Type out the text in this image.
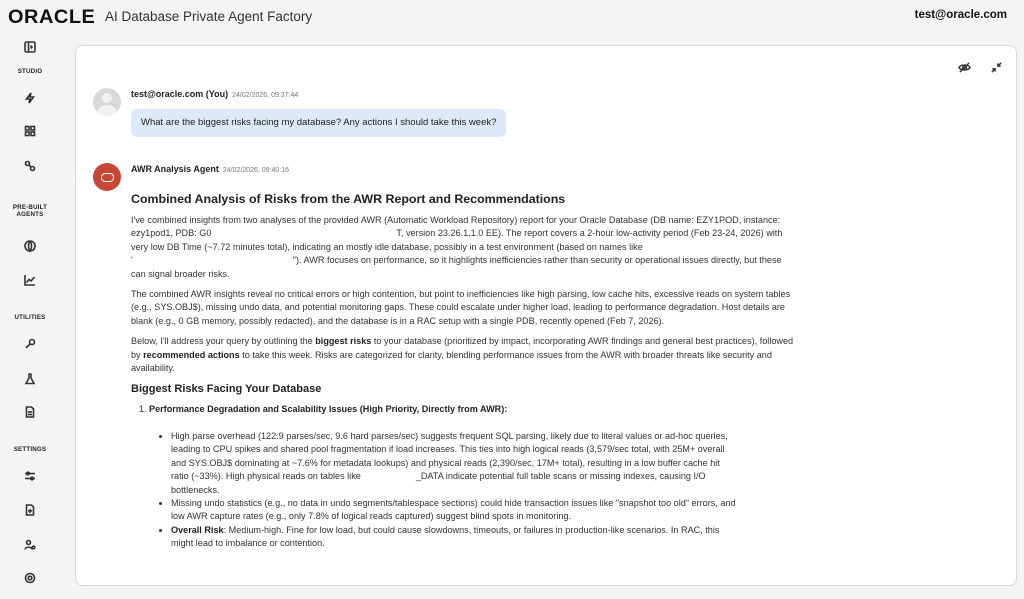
ORACLE AI Database Private Agent Factory	test@oracle.com
STUDIO
PRE-BUILT
AGENTS
UTILITIES
SETTINGS
test@oracle.com (You) 24/02/2026, 09:37:44
What are the biggest risks facing my database? Any actions I should take this week?
AWR Analysis Agent 24/02/2026, 09:40:16
Combined Analysis of Risks from the AWR Report and Recommendations

I've combined insights from two analyses of the provided AWR (Automatic Workload Repository) report for your Oracle Database (DB name: EZY1POD, instance: ezy1pod1, PDB: G0	T, version 23.26.1.1.0 EE). The report covers a 2-hour low-activity period (Feb 23-24, 2026) with very low DB Time (~7.72 minutes total), indicating an mostly idle database, possibly in a test environment (based on names like
'	"). AWR focuses on performance, so it highlights inefficiencies rather than security or operational issues directly, but these can signal broader risks.

The combined AWR insights reveal no critical errors or high contention, but point to inefficiencies like high parsing, low cache hits, excessive reads on system tables (e.g., SYS.OBJ$), missing undo data, and potential monitoring gaps. These could escalate under higher load, leading to performance degradation. Host details are blank (e.g., 0 GB memory, possibly redacted), and the database is in a RAC setup with a single PDB, recently opened (Feb 7, 2026).

Below, I'll address your query by outlining the biggest risks to your database (prioritized by impact, incorporating AWR findings and general best practices), followed by recommended actions to take this week. Risks are categorized for clarity, blending performance issues from the AWR with broader threats like security and availability.

Biggest Risks Facing Your Database
1. Performance Degradation and Scalability Issues (High Priority, Directly from AWR):
• High parse overhead (122.9 parses/sec, 9.6 hard parses/sec) suggests frequent SQL parsing, likely due to literal values or ad-hoc queries, leading to CPU spikes and shared pool fragmentation if load increases. This ties into high logical reads (3,579/sec total, with 25M+ overall and SYS.OBJ$ dominating at ~7.6% for metadata lookups) and physical reads (2,390/sec, 17M+ total), resulting in a low buffer cache hit ratio (~33%). High physical reads on tables like	_DATA indicate potential full table scans or missing indexes, causing I/O bottlenecks.
• Missing undo statistics (e.g., no data in undo segments/tablespace sections) could hide transaction issues like "snapshot too old" errors, and low AWR capture rates (e.g., only 7.8% of logical reads captured) suggest blind spots in monitoring.
• Overall Risk: Medium-high. Fine for low load, but could cause slowdowns, timeouts, or failures in production-like scenarios. In RAC, this might lead to imbalance or contention.
